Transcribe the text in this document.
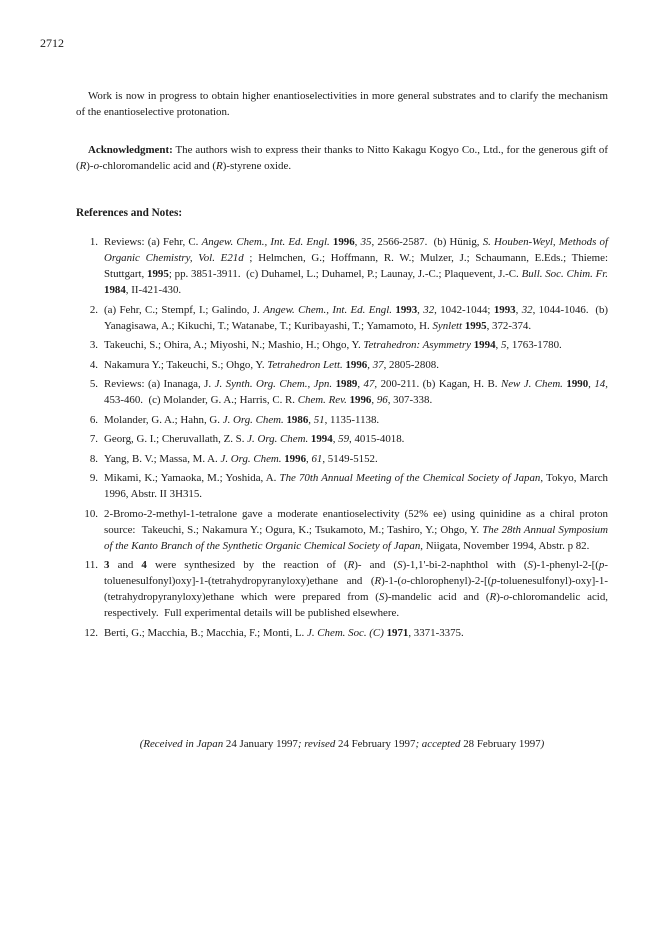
2712

Work is now in progress to obtain higher enantioselectivities in more general substrates and to clarify the mechanism of the enantioselective protonation.

Acknowledgment: The authors wish to express their thanks to Nitto Kakagu Kogyo Co., Ltd., for the generous gift of (R)-o-chloromandelic acid and (R)-styrene oxide.

References and Notes:
1. Reviews: (a) Fehr, C. Angew. Chem., Int. Ed. Engl. 1996, 35, 2566-2587.  (b) Hünig, S. Houben-Weyl, Methods of Organic Chemistry, Vol. E21d ; Helmchen, G.; Hoffmann, R. W.; Mulzer, J.; Schaumann, E.Eds.; Thieme: Stuttgart, 1995; pp. 3851-3911.  (c) Duhamel, L.; Duhamel, P.; Launay, J.-C.; Plaquevent, J.-C. Bull. Soc. Chim. Fr. 1984, II-421-430.
2. (a) Fehr, C.; Stempf, I.; Galindo, J. Angew. Chem., Int. Ed. Engl. 1993, 32, 1042-1044; 1993, 32, 1044-1046.  (b) Yanagisawa, A.; Kikuchi, T.; Watanabe, T.; Kuribayashi, T.; Yamamoto, H. Synlett 1995, 372-374.
3. Takeuchi, S.; Ohira, A.; Miyoshi, N.; Mashio, H.; Ohgo, Y. Tetrahedron: Asymmetry 1994, 5, 1763-1780.
4. Nakamura Y.; Takeuchi, S.; Ohgo, Y. Tetrahedron Lett. 1996, 37, 2805-2808.
5. Reviews: (a) Inanaga, J. J. Synth. Org. Chem., Jpn. 1989, 47, 200-211. (b) Kagan, H. B. New J. Chem. 1990, 14, 453-460.  (c) Molander, G. A.; Harris, C. R. Chem. Rev. 1996, 96, 307-338.
6. Molander, G. A.; Hahn, G. J. Org. Chem. 1986, 51, 1135-1138.
7. Georg, G. I.; Cheruvallath, Z. S. J. Org. Chem. 1994, 59, 4015-4018.
8. Yang, B. V.; Massa, M. A. J. Org. Chem. 1996, 61, 5149-5152.
9. Mikami, K.; Yamaoka, M.; Yoshida, A. The 70th Annual Meeting of the Chemical Society of Japan, Tokyo, March 1996, Abstr. II 3H315.
10. 2-Bromo-2-methyl-1-tetralone gave a moderate enantioselectivity (52% ee) using quinidine as a chiral proton source:  Takeuchi, S.; Nakamura Y.; Ogura, K.; Tsukamoto, M.; Tashiro, Y.; Ohgo, Y. The 28th Annual Symposium of the Kanto Branch of the Synthetic Organic Chemical Society of Japan, Niigata, November 1994, Abstr. p 82.
11. 3 and 4 were synthesized by the reaction of (R)- and (S)-1,1'-bi-2-naphthol with (S)-1-phenyl-2-[(p-toluenesulfonyl)oxy]-1-(tetrahydropyranyloxy)ethane and (R)-1-(o-chlorophenyl)-2-[(p-toluenesulfonyl)-oxy]-1-(tetrahydropyranyloxy)ethane which were prepared from (S)-mandelic acid and (R)-o-chloromandelic acid, respectively.  Full experimental details will be published elsewhere.
12. Berti, G.; Macchia, B.; Macchia, F.; Monti, L. J. Chem. Soc. (C) 1971, 3371-3375.
(Received in Japan 24 January 1997; revised 24 February 1997; accepted 28 February 1997)
